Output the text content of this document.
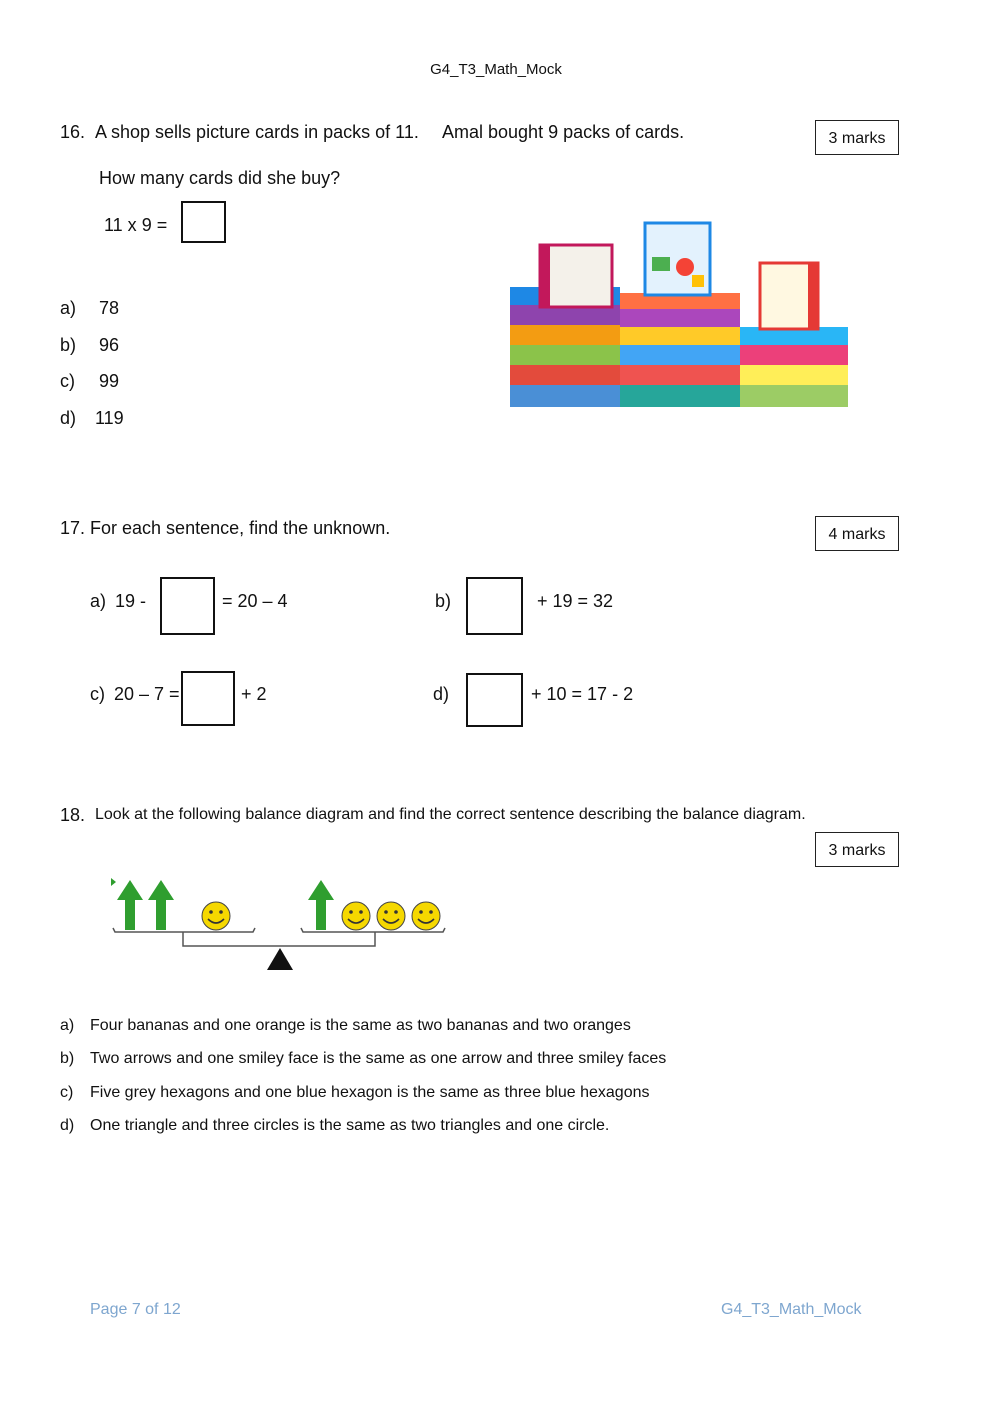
G4_T3_Math_Mock
16. A shop sells picture cards in packs of 11. Amal bought 9 packs of cards.	3 marks
How many cards did she buy?
11 x 9 =
a) 78
b) 96
c) 99
d) 119
17. For each sentence, find the unknown.	4 marks
a) 19 -	= 20 – 4	b)	+ 19 = 32
c) 20 – 7 =	+ 2	d)	+ 10 = 17 - 2
18. Look at the following balance diagram and find the correct sentence describing the balance diagram.
3 marks
a) Four bananas and one orange is the same as two bananas and two oranges
b) Two arrows and one smiley face is the same as one arrow and three smiley faces
c) Five grey hexagons and one blue hexagon is the same as three blue hexagons
d) One triangle and three circles is the same as two triangles and one circle.
Page 7 of 12	G4_T3_Math_Mock
